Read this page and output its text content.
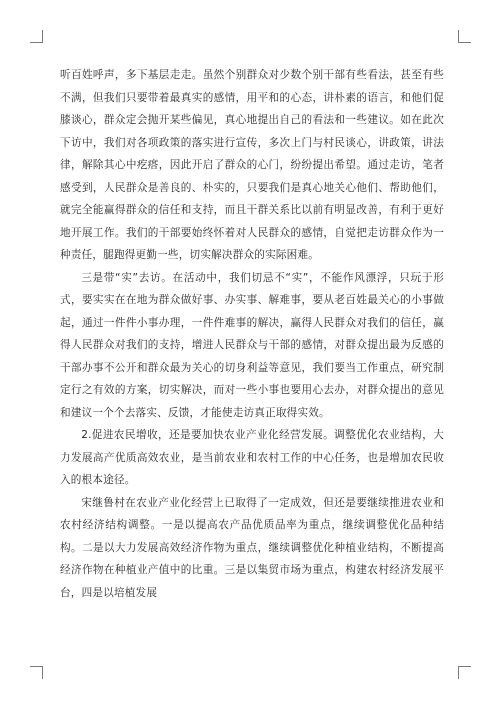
听百姓呼声，多下基层走走。虽然个别群众对少数个别干部有些看法，甚至有些不满，但我们只要带着最真实的感情，用平和的心态，讲朴素的语言，和他们促膝谈心，群众定会抛开某些偏见，真心地提出自己的看法和一些建议。如在此次下访中，我们对各项政策的落实进行宣传，多次上门与村民谈心，讲政策，讲法律，解除其心中疙瘩，因此开启了群众的心门，纷纷提出希望。通过走访，笔者感受到，人民群众是善良的、朴实的，只要我们是真心地关心他们、帮助他们，就完全能赢得群众的信任和支持，而且干群关系比以前有明显改善，有利于更好地开展工作。我们的干部要始终怀着对人民群众的感情，自觉把走访群众作为一种责任，腿跑得更勤一些，切实解决群众的实际困难。

三是带“实”去访。在活动中，我们切忌不“实”，不能作风漂浮，只玩于形式，要实实在在地为群众做好事、办实事、解难事，要从老百姓最关心的小事做起，通过一件件小事办理，一件件难事的解决，赢得人民群众对我们的信任，赢得人民群众对我们的支持，增进人民群众与干部的感情，对群众提出最为反感的干部办事不公开和群众最为关心的切身利益等意见，我们要当工作重点，研究制定行之有效的方案，切实解决，而对一些小事也要用心去办，对群众提出的意见和建议一个个去落实、反馈，才能使走访真正取得实效。

2.促进农民增收，还是要加快农业产业化经营发展。调整优化农业结构，大力发展高产优质高效农业，是当前农业和农村工作的中心任务，也是增加农民收入的根本途径。

宋继鲁村在农业产业化经营上已取得了一定成效，但还是要继续推进农业和农村经济结构调整。一是以提高农产品优质品率为重点，继续调整优化品种结构。二是以大力发展高效经济作物为重点，继续调整优化种植业结构，不断提高经济作物在种植业产值中的比重。三是以集贸市场为重点，构建农村经济发展平台，四是以培植发展
